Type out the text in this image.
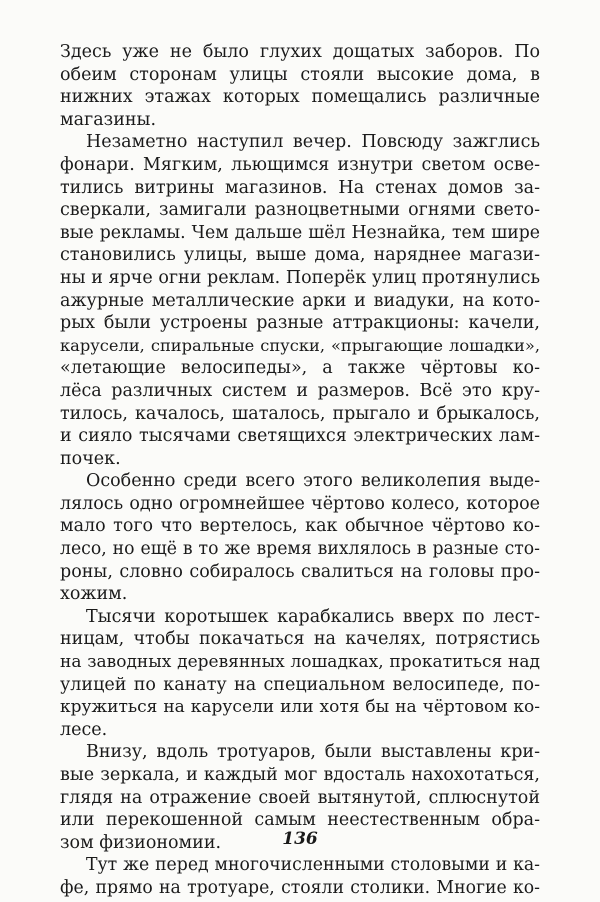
Здесь уже не было глухих дощатых заборов. По
обеим сторонам улицы стояли высокие дома, в
нижних этажах которых помещались различные
магазины.
Незаметно наступил вечер. Повсюду зажглись
фонари. Мягким, льющимся изнутри светом осве-
тились витрины магазинов. На стенах домов за-
сверкали, замигали разноцветными огнями свето-
вые рекламы. Чем дальше шёл Незнайка, тем шире
становились улицы, выше дома, наряднее магази-
ны и ярче огни реклам. Поперёк улиц протянулись
ажурные металлические арки и виадуки, на кото-
рых были устроены разные аттракционы: качели,
карусели, спиральные спуски, «прыгающие лошадки»,
«летающие велосипеды», а также чёртовы ко-
лёса различных систем и размеров. Всё это кру-
тилось, качалось, шаталось, прыгало и брыкалось,
и сияло тысячами светящихся электрических лам-
почек.
Особенно среди всего этого великолепия выде-
лялось одно огромнейшее чёртово колесо, которое
мало того что вертелось, как обычное чёртово ко-
лесо, но ещё в то же время вихлялось в разные сто-
роны, словно собиралось свалиться на головы про-
хожим.
Тысячи коротышек карабкались вверх по лест-
ницам, чтобы покачаться на качелях, потрястись
на заводных деревянных лошадках, прокатиться над
улицей по канату на специальном велосипеде, по-
кружиться на карусели или хотя бы на чёртовом ко-
лесе.
Внизу, вдоль тротуаров, были выставлены кри-
вые зеркала, и каждый мог вдосталь нахохотаться,
глядя на отражение своей вытянутой, сплюснутой
или перекошенной самым неестественным обра-
зом физиономии.
Тут же перед многочисленными столовыми и ка-
фе, прямо на тротуаре, стояли столики. Многие ко-
136
